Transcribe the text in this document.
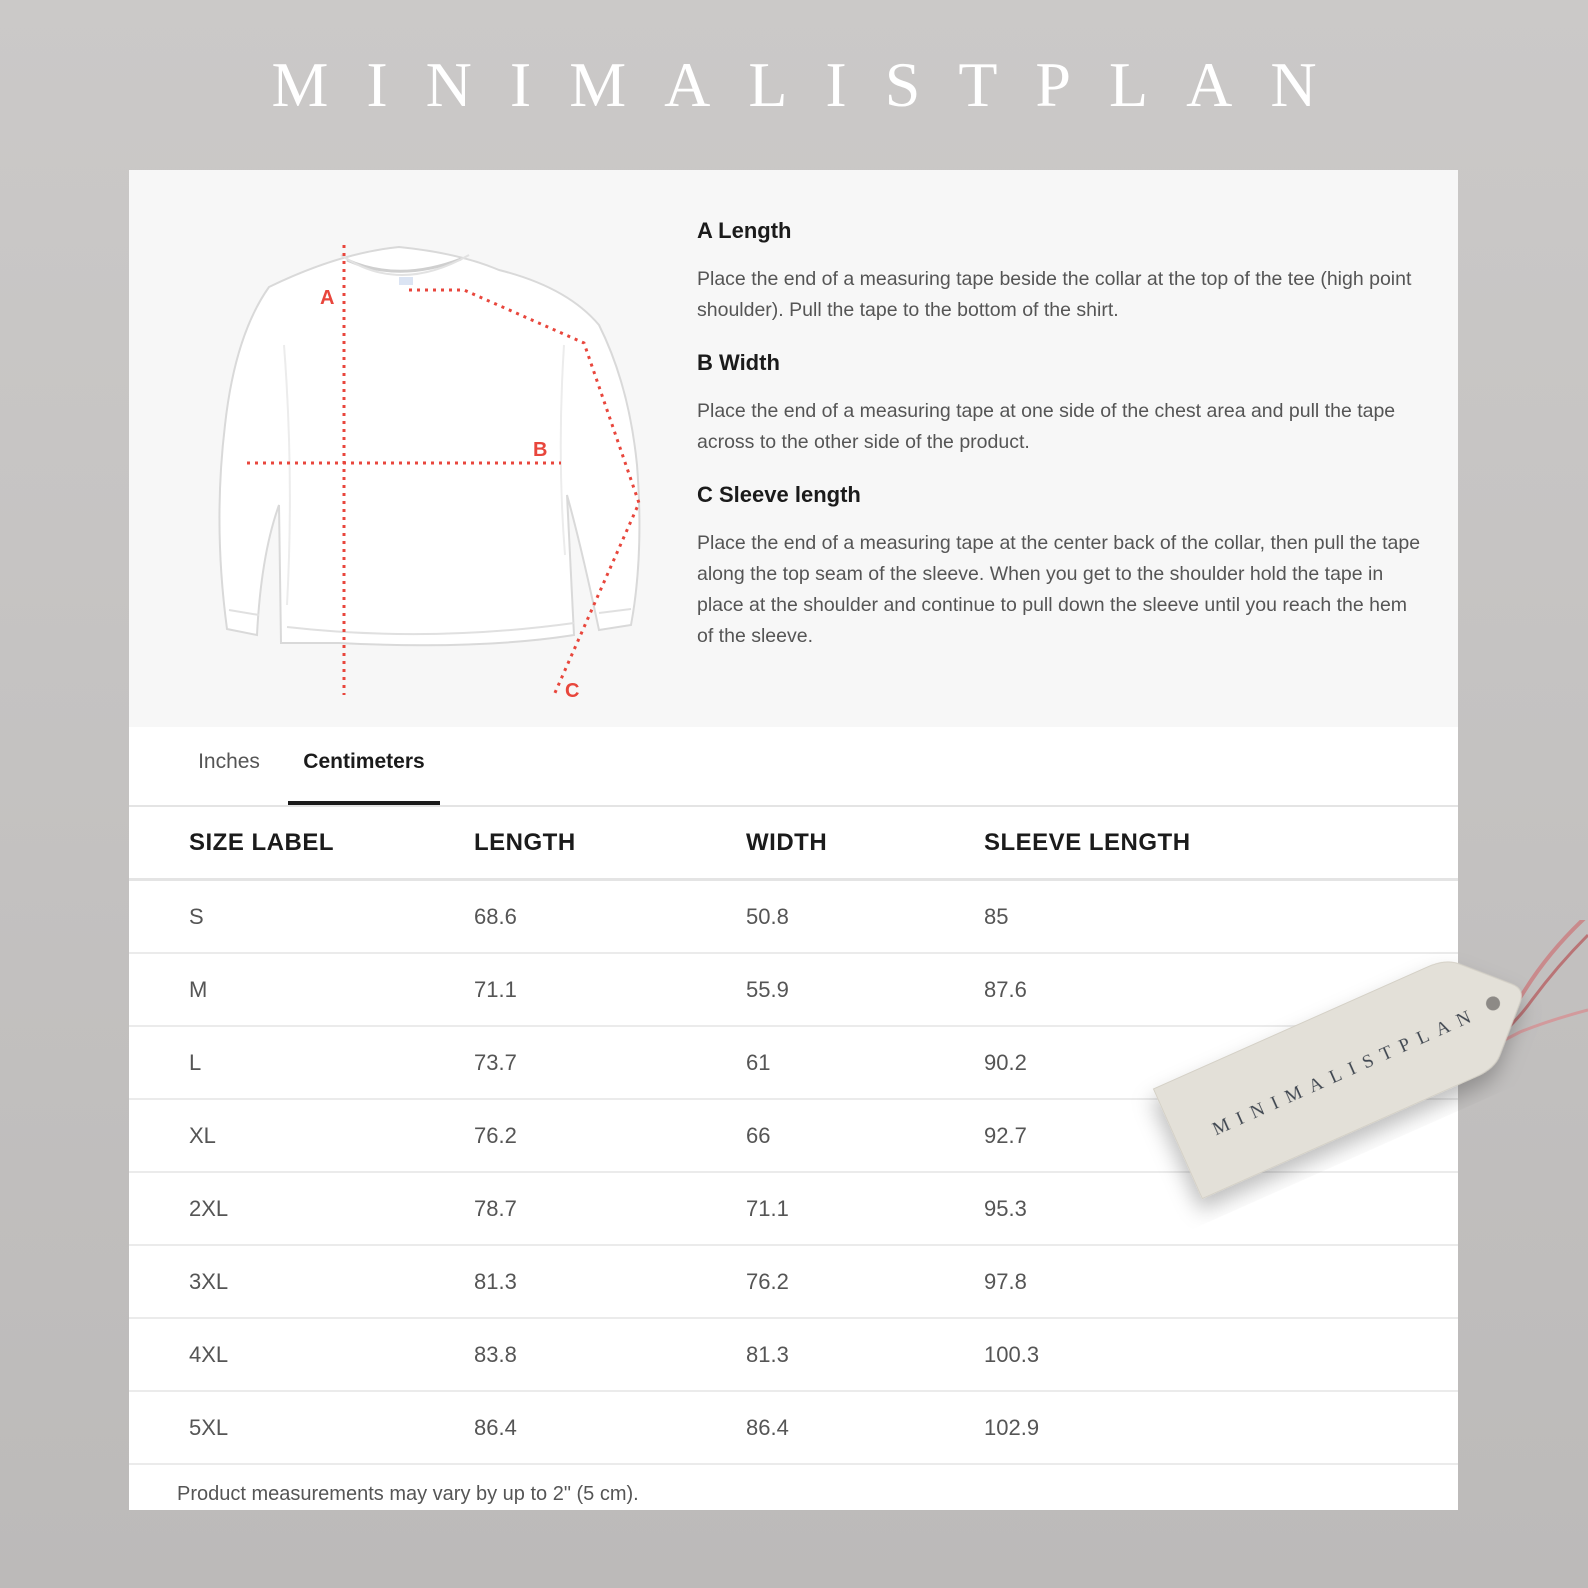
MINIMALISTPLAN
A
B
C
A Length

Place the end of a measuring tape beside the collar at the top of the tee (high point shoulder). Pull the tape to the bottom of the shirt.

B Width

Place the end of a measuring tape at one side of the chest area and pull the tape across to the other side of the product.

C Sleeve length

Place the end of a measuring tape at the center back of the collar, then pull the tape along the top seam of the sleeve. When you get to the shoulder hold the tape in place at the shoulder and continue to pull down the sleeve until you reach the hem of the sleeve.

Inches	Centimeters
SIZE LABEL	LENGTH	WIDTH	SLEEVE LENGTH
S	68.6	50.8	85
M	71.1	55.9	87.6
L	73.7	61	90.2
XL	76.2	66	92.7
2XL	78.7	71.1	95.3
3XL	81.3	76.2	97.8
4XL	83.8	81.3	100.3
5XL	86.4	86.4	102.9
Product measurements may vary by up to 2" (5 cm).
MINIMALISTPLAN
